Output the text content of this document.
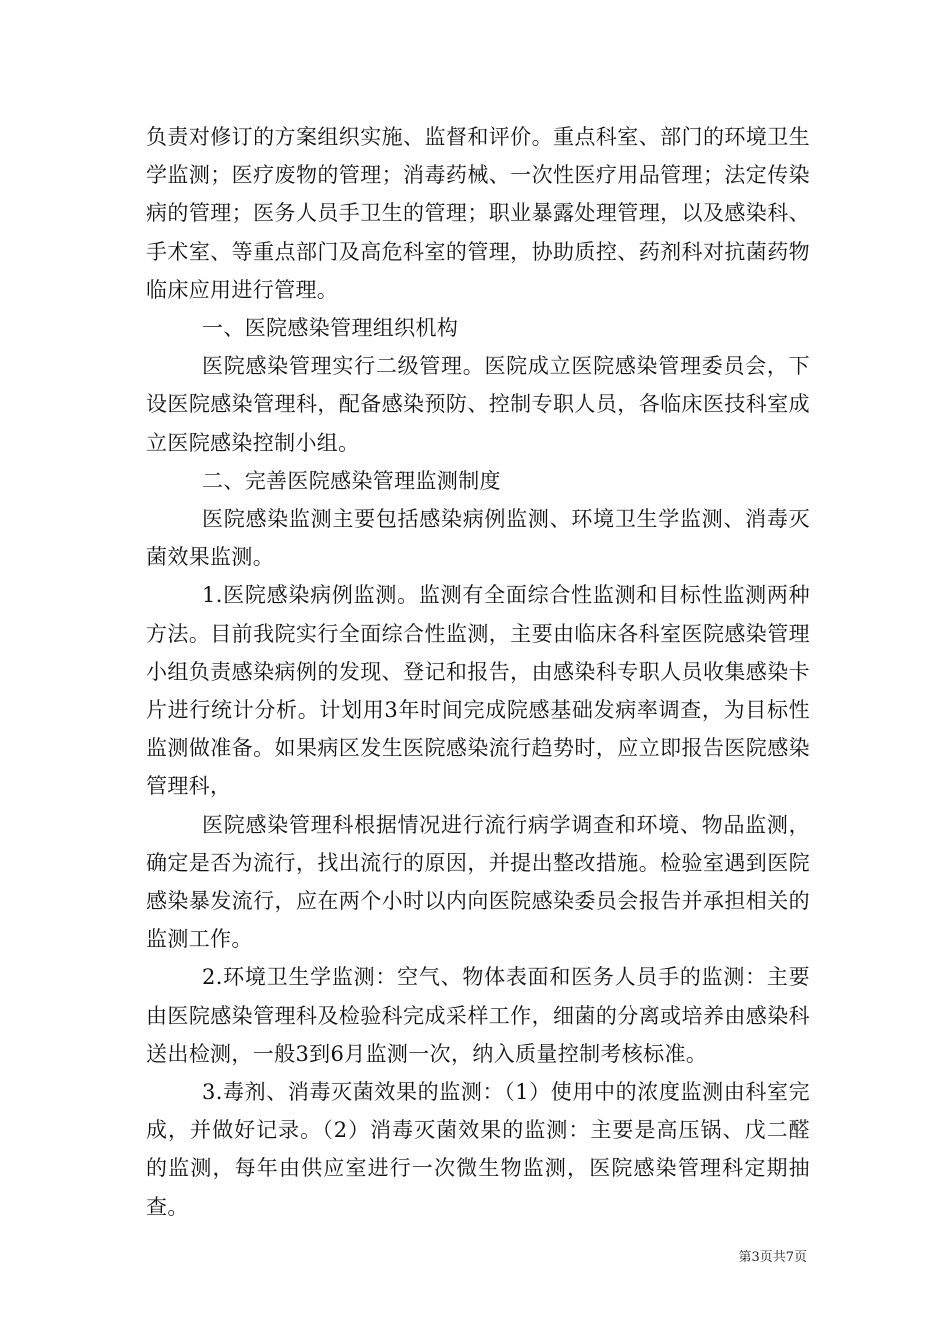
负责对修订的方案组织实施、监督和评价。重点科室、部门的环境卫生学监测；医疗废物的管理；消毒药械、一次性医疗用品管理；法定传染病的管理；医务人员手卫生的管理；职业暴露处理管理，以及感染科、手术室、等重点部门及高危科室的管理，协助质控、药剂科对抗菌药物临床应用进行管理。

一、医院感染管理组织机构

医院感染管理实行二级管理。医院成立医院感染管理委员会，下设医院感染管理科，配备感染预防、控制专职人员，各临床医技科室成立医院感染控制小组。

二、完善医院感染管理监测制度

医院感染监测主要包括感染病例监测、环境卫生学监测、消毒灭菌效果监测。

1.医院感染病例监测。监测有全面综合性监测和目标性监测两种方法。目前我院实行全面综合性监测，主要由临床各科室医院感染管理小组负责感染病例的发现、登记和报告，由感染科专职人员收集感染卡片进行统计分析。计划用3年时间完成院感基础发病率调查，为目标性监测做准备。如果病区发生医院感染流行趋势时，应立即报告医院感染管理科，

医院感染管理科根据情况进行流行病学调查和环境、物品监测，确定是否为流行，找出流行的原因，并提出整改措施。检验室遇到医院感染暴发流行，应在两个小时以内向医院感染委员会报告并承担相关的监测工作。

2.环境卫生学监测：空气、物体表面和医务人员手的监测：主要由医院感染管理科及检验科完成采样工作，细菌的分离或培养由感染科送出检测，一般3到6月监测一次，纳入质量控制考核标准。

3.毒剂、消毒灭菌效果的监测：（1）使用中的浓度监测由科室完成，并做好记录。（2）消毒灭菌效果的监测：主要是高压锅、戊二醛的监测，每年由供应室进行一次微生物监测，医院感染管理科定期抽查。

第3页共7页
